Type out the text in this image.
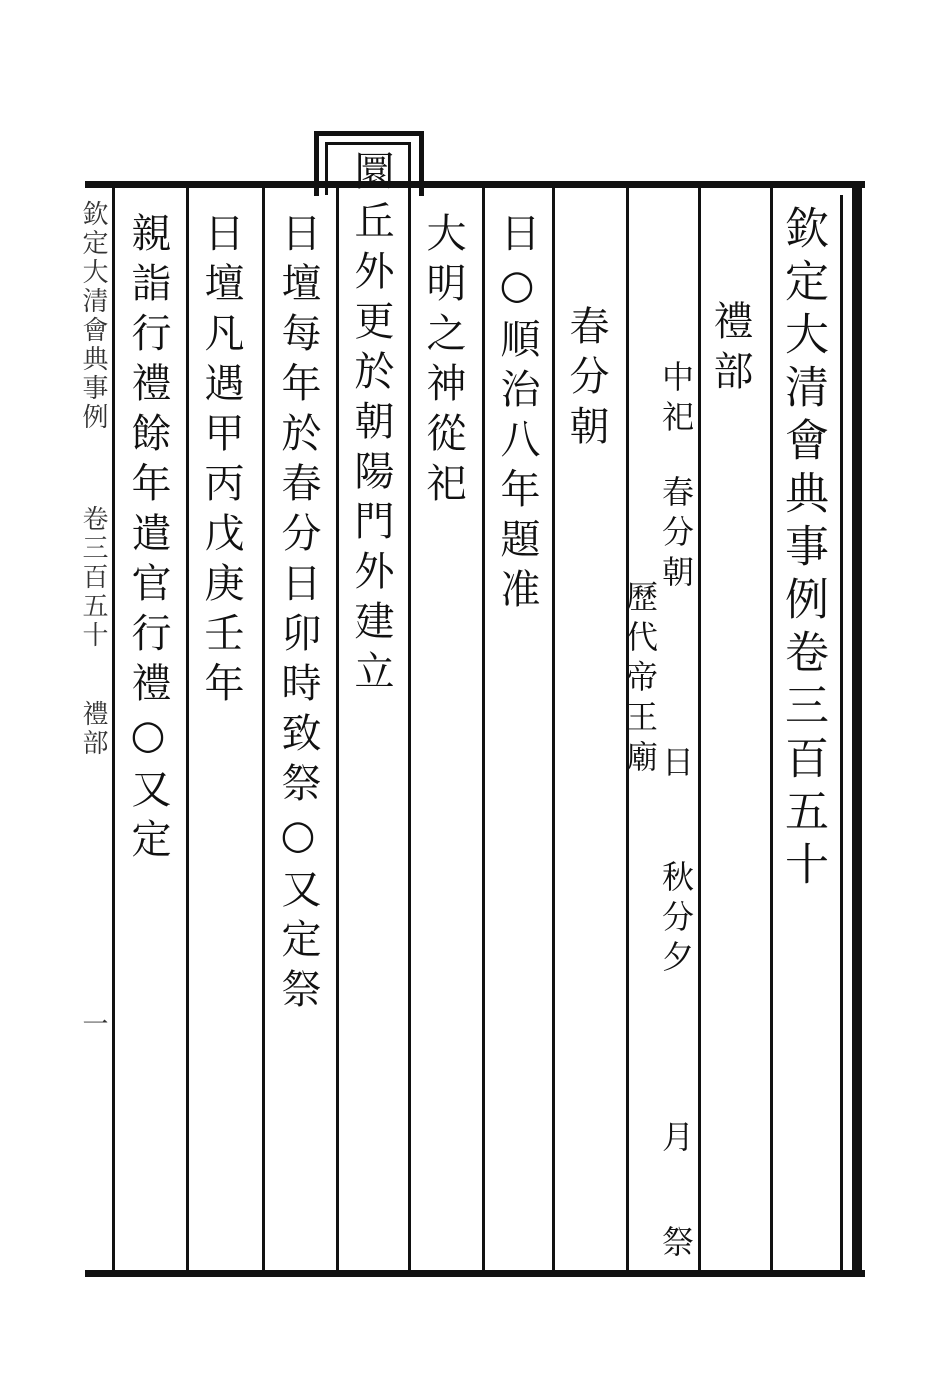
欽定大清會典事例卷三百五十
禮部
中祀
春分朝
日
秋分夕
月
祭
歷代帝王廟
春分朝
日○順治八年題准
大明之神從祀
圜丘外更於朝陽門外建立
日壇每年於春分日卯時致祭○又定祭
日壇凡遇甲丙戊庚壬年
親詣行禮餘年遣官行禮○又定
欽定大清會典事例
卷三百五十
禮部
一
